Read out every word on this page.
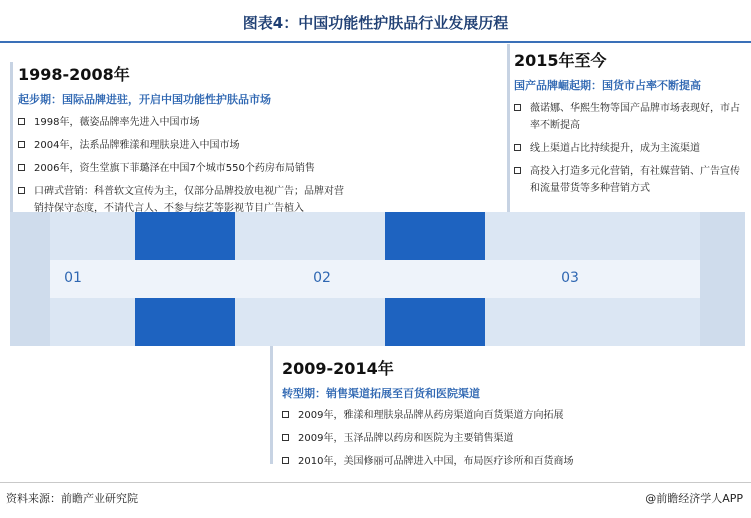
图表4：中国功能性护肤品行业发展历程
01	02	03
1998-2008年
起步期：国际品牌进驻，开启中国功能性护肤品市场
1998年，薇姿品牌率先进入中国市场
2004年，法系品牌雅漾和理肤泉进入中国市场
2006年，资生堂旗下菲璐泽在中国7个城市550个药房布局销售
口碑式营销：科普软文宣传为主，仅部分品牌投放电视广告；品牌对营销持保守态度，不请代言人、不参与综艺等影视节目广告植入
2009-2014年
转型期：销售渠道拓展至百货和医院渠道
2009年，雅漾和理肤泉品牌从药房渠道向百货渠道方向拓展
2009年，玉泽品牌以药房和医院为主要销售渠道
2010年，美国修丽可品牌进入中国，布局医疗诊所和百货商场
2015年至今
国产品牌崛起期：国货市占率不断提高
薇诺娜、华熙生物等国产品牌市场表现好，市占率不断提高
线上渠道占比持续提升，成为主流渠道
高投入打造多元化营销，有社媒营销、广告宣传和流量带货等多种营销方式
资料来源：前瞻产业研究院	@前瞻经济学人APP
